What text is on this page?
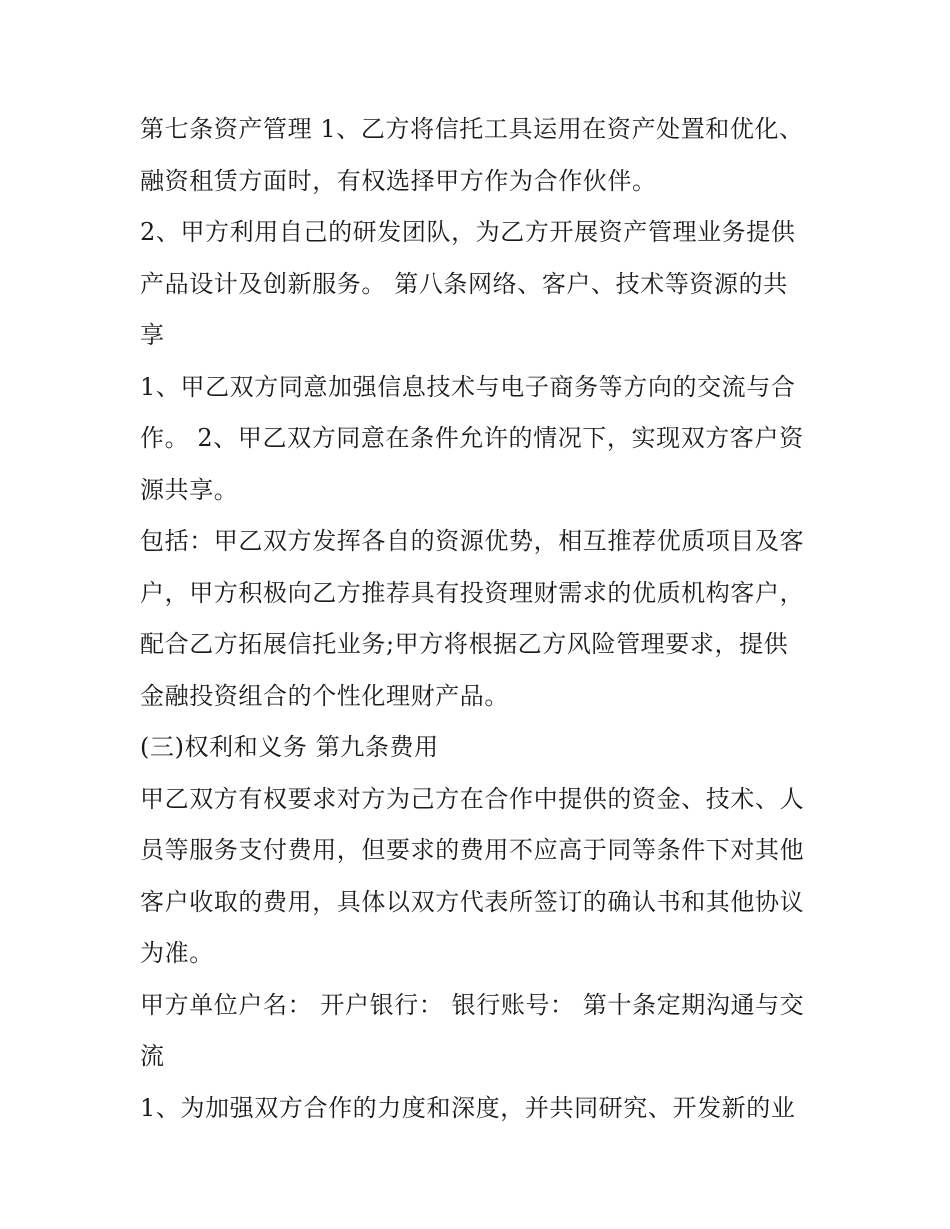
第七条资产管理 1、乙方将信托工具运用在资产处置和优化、
融资租赁方面时，有权选择甲方作为合作伙伴。
2、甲方利用自己的研发团队，为乙方开展资产管理业务提供
产品设计及创新服务。 第八条网络、客户、技术等资源的共
享
1、甲乙双方同意加强信息技术与电子商务等方向的交流与合
作。 2、甲乙双方同意在条件允许的情况下，实现双方客户资
源共享。
包括：甲乙双方发挥各自的资源优势，相互推荐优质项目及客
户，甲方积极向乙方推荐具有投资理财需求的优质机构客户，
配合乙方拓展信托业务;甲方将根据乙方风险管理要求，提供
金融投资组合的个性化理财产品。
(三)权利和义务 第九条费用
甲乙双方有权要求对方为己方在合作中提供的资金、技术、人
员等服务支付费用，但要求的费用不应高于同等条件下对其他
客户收取的费用，具体以双方代表所签订的确认书和其他协议
为准。
甲方单位户名： 开户银行： 银行账号： 第十条定期沟通与交
流
1、为加强双方合作的力度和深度，并共同研究、开发新的业
